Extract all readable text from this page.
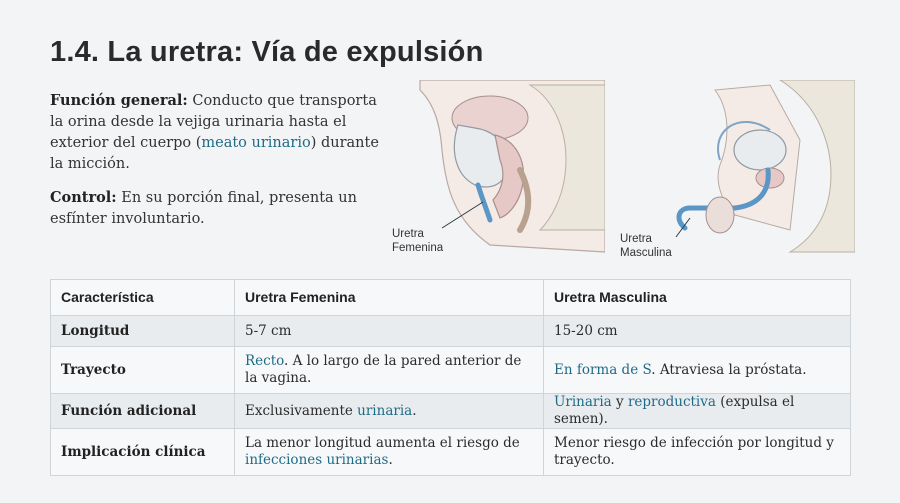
1.4. La uretra: Vía de expulsión

Función general: Conducto que transporta la orina desde la vejiga urinaria hasta el exterior del cuerpo (meato urinario) durante la micción.

Control: En su porción final, presenta un esfínter involuntario.

Uretra
Femenina
Uretra
Masculina
Característica	Uretra Femenina	Uretra Masculina
Longitud	5-7 cm	15-20 cm
Trayecto	Recto. A lo largo de la pared anterior de la vagina.	En forma de S. Atraviesa la próstata.
Función adicional	Exclusivamente urinaria.	Urinaria y reproductiva (expulsa el semen).
Implicación clínica	La menor longitud aumenta el riesgo de infecciones urinarias.	Menor riesgo de infección por longitud y trayecto.
